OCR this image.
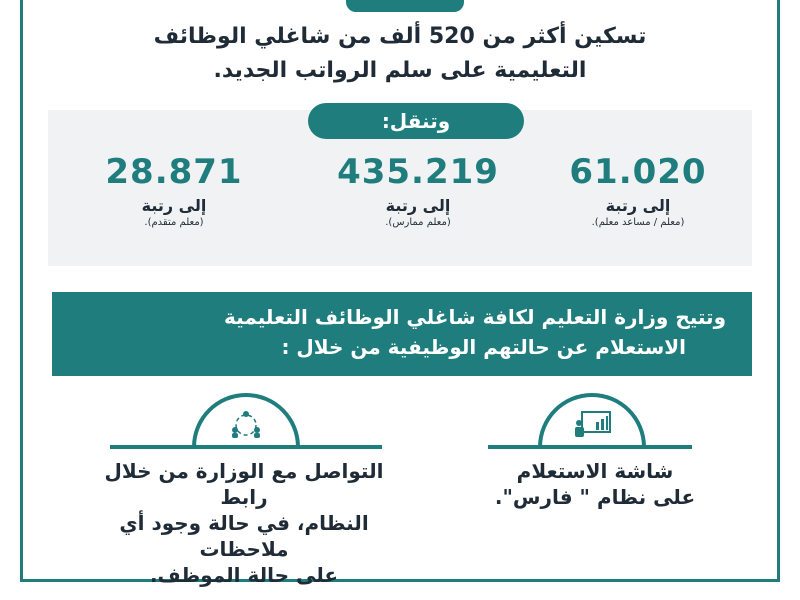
تسكين أكثر من 520 ألف من شاغلي الوظائف
التعليمية على سلم الرواتب الجديد.
وتنقل:
61.020
إلى رتبة
(معلم / مساعد معلم).
435.219
إلى رتبة
(معلم ممارس).
28.871
إلى رتبة
(معلم متقدم).
وتتيح وزارة التعليم لكافة شاغلي الوظائف التعليمية
الاستعلام عن حالتهم الوظيفية من خلال :
شاشة الاستعلام
على نظام " فارس".
التواصل مع الوزارة من خلال رابط
النظام، في حالة وجود أي ملاحظات
على حالة الموظف.
